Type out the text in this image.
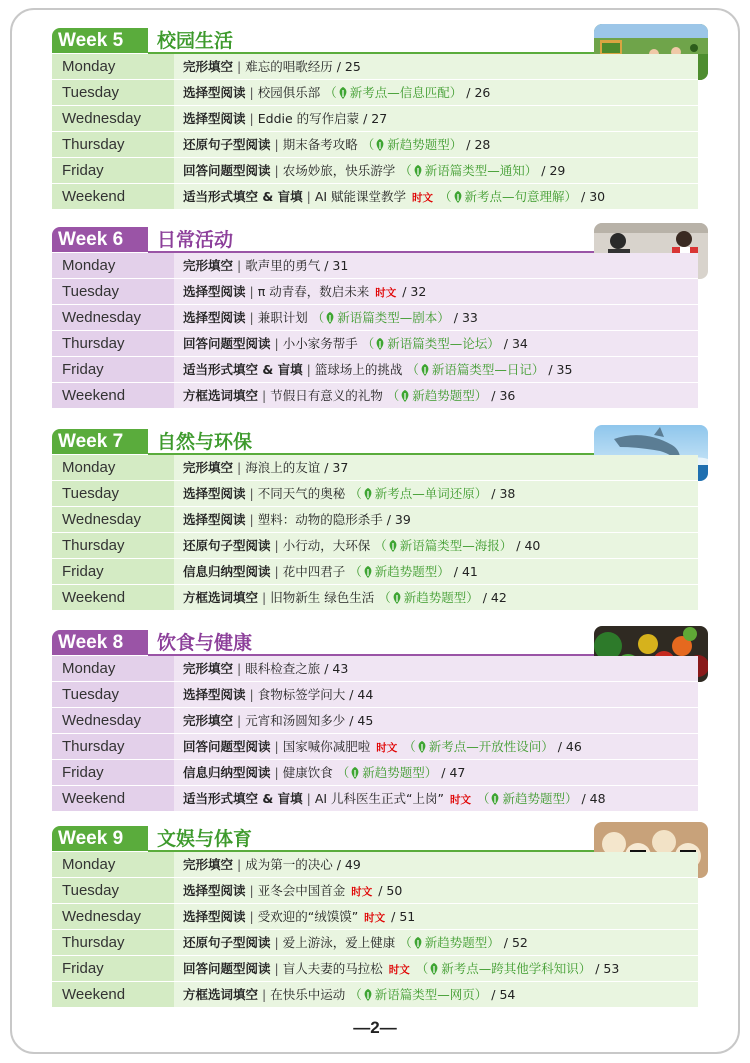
Week 5	校园生活
Monday	完形填空 | 难忘的唱歌经历 / 25
Tuesday	选择型阅读 | 校园俱乐部 （ 新考点—信息匹配） / 26
Wednesday	选择型阅读 | Eddie 的写作启蒙 / 27
Thursday	还原句子型阅读 | 期末备考攻略 （ 新趋势题型） / 28
Friday	回答问题型阅读 | 农场妙旅，快乐游学 （ 新语篇类型—通知） / 29
Weekend	适当形式填空 & 盲填 | AI 赋能课堂教学 时文 （ 新考点—句意理解） / 30
Week 6	日常活动
Monday	完形填空 | 歌声里的勇气 / 31
Tuesday	选择型阅读 | π 动青春，数启未来 时文 / 32
Wednesday	选择型阅读 | 兼职计划 （ 新语篇类型—剧本） / 33
Thursday	回答问题型阅读 | 小小家务帮手 （ 新语篇类型—论坛） / 34
Friday	适当形式填空 & 盲填 | 篮球场上的挑战 （ 新语篇类型—日记） / 35
Weekend	方框选词填空 | 节假日有意义的礼物 （ 新趋势题型） / 36
Week 7	自然与环保
Monday	完形填空 | 海浪上的友谊 / 37
Tuesday	选择型阅读 | 不同天气的奥秘 （ 新考点—单词还原） / 38
Wednesday	选择型阅读 | 塑料：动物的隐形杀手 / 39
Thursday	还原句子型阅读 | 小行动，大环保 （ 新语篇类型—海报） / 40
Friday	信息归纳型阅读 | 花中四君子 （ 新趋势题型） / 41
Weekend	方框选词填空 | 旧物新生 绿色生活 （ 新趋势题型） / 42
Week 8	饮食与健康
Monday	完形填空 | 眼科检查之旅 / 43
Tuesday	选择型阅读 | 食物标签学问大 / 44
Wednesday	完形填空 | 元宵和汤圆知多少 / 45
Thursday	回答问题型阅读 | 国家喊你减肥啦 时文 （ 新考点—开放性设问） / 46
Friday	信息归纳型阅读 | 健康饮食 （ 新趋势题型） / 47
Weekend	适当形式填空 & 盲填 | AI 儿科医生正式“上岗” 时文 （ 新趋势题型） / 48
Week 9	文娱与体育
Monday	完形填空 | 成为第一的决心 / 49
Tuesday	选择型阅读 | 亚冬会中国首金 时文 / 50
Wednesday	选择型阅读 | 受欢迎的“绒馍馍” 时文 / 51
Thursday	还原句子型阅读 | 爱上游泳，爱上健康 （ 新趋势题型） / 52
Friday	回答问题型阅读 | 盲人夫妻的马拉松 时文 （ 新考点—跨其他学科知识） / 53
Weekend	方框选词填空 | 在快乐中运动 （ 新语篇类型—网页） / 54
—2—
